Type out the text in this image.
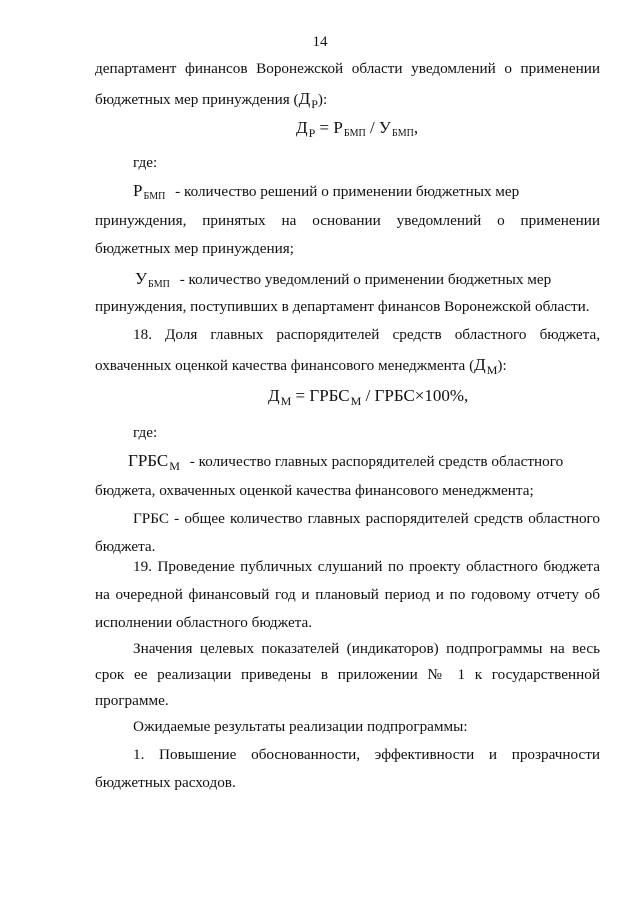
14
департамент финансов Воронежской области уведомлений о применении
бюджетных мер принуждения $(Д_Р)$:
$Д_Р$ = РБМП / УБМП,
где:
РБМП - количество решений о применении бюджетных мер
принуждения, принятых на основании уведомлений о применении
бюджетных мер принуждения;
УБМП - количество уведомлений о применении бюджетных мер
принуждения, поступивших в департамент финансов Воронежской области.
18. Доля главных распорядителей средств областного бюджета,
охваченных оценкой качества финансового менеджмента $(Д_М)$:
$Д_М$ = $ГРБС_М$ / ГРБС×100%,
где:
$ГРБС_М$ - количество главных распорядителей средств областного
бюджета, охваченных оценкой качества финансового менеджмента;
ГРБС - общее количество главных распорядителей средств областного
бюджета.
19. Проведение публичных слушаний по проекту областного бюджета
на очередной финансовый год и плановый период и по годовому отчету об
исполнении областного бюджета.
Значения целевых показателей (индикаторов) подпрограммы на весь
срок ее реализации приведены в приложении № 1 к государственной
программе.
Ожидаемые результаты реализации подпрограммы:
1. Повышение обоснованности, эффективности и прозрачности
бюджетных расходов.
